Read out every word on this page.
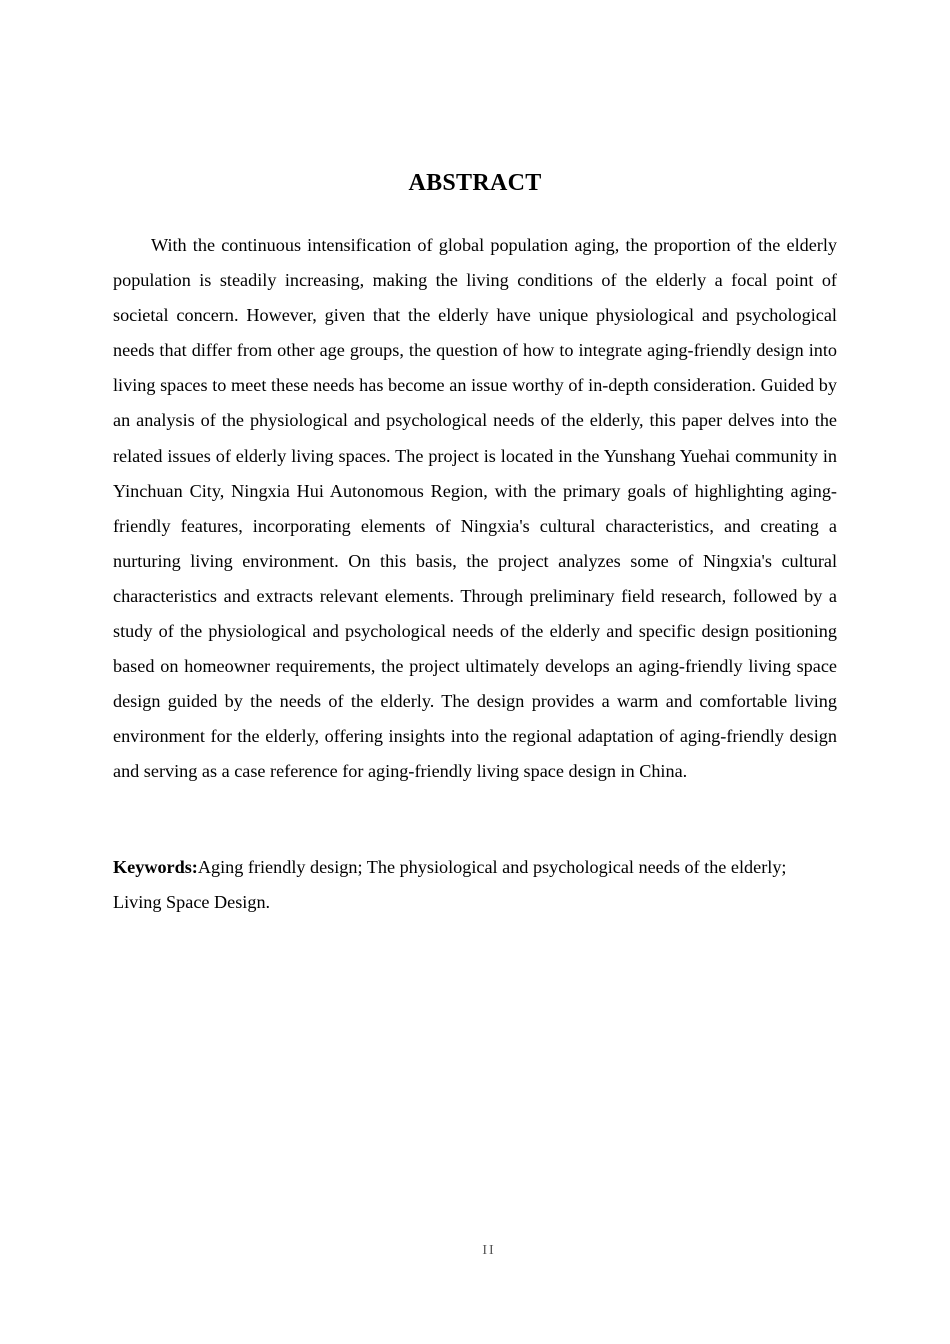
ABSTRACT

With the continuous intensification of global population aging, the proportion of the elderly population is steadily increasing, making the living conditions of the elderly a focal point of societal concern. However, given that the elderly have unique physiological and psychological needs that differ from other age groups, the question of how to integrate aging-friendly design into living spaces to meet these needs has become an issue worthy of in-depth consideration. Guided by an analysis of the physiological and psychological needs of the elderly, this paper delves into the related issues of elderly living spaces. The project is located in the Yunshang Yuehai community in Yinchuan City, Ningxia Hui Autonomous Region, with the primary goals of highlighting aging-friendly features, incorporating elements of Ningxia's cultural characteristics, and creating a nurturing living environment. On this basis, the project analyzes some of Ningxia's cultural characteristics and extracts relevant elements. Through preliminary field research, followed by a study of the physiological and psychological needs of the elderly and specific design positioning based on homeowner requirements, the project ultimately develops an aging-friendly living space design guided by the needs of the elderly. The design provides a warm and comfortable living environment for the elderly, offering insights into the regional adaptation of aging-friendly design and serving as a case reference for aging-friendly living space design in China.

Keywords:Aging friendly design; The physiological and psychological needs of the elderly; Living Space Design.

II
